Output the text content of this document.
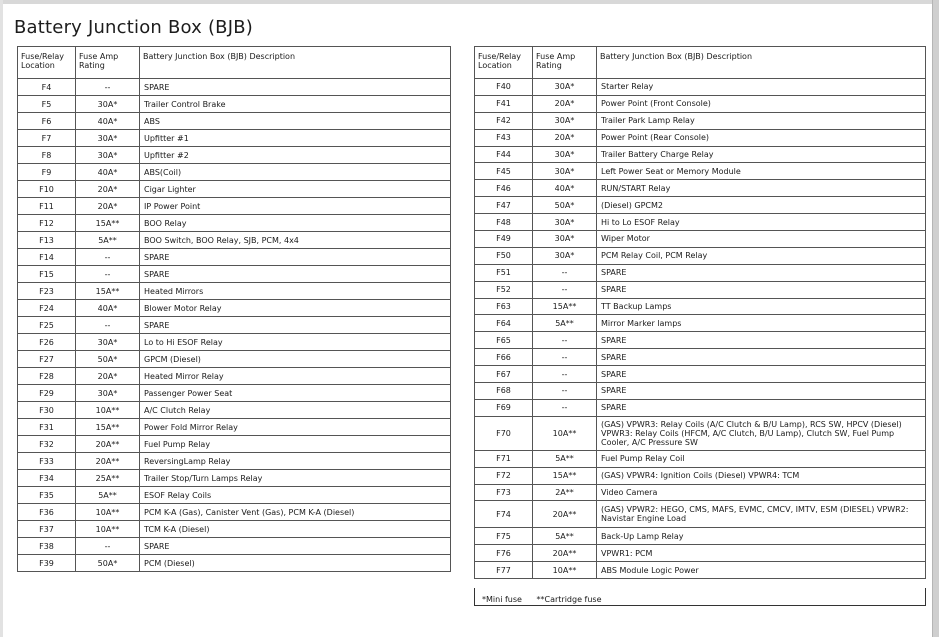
Battery Junction Box (BJB)
Fuse/Relay Location	Fuse Amp Rating	Battery Junction Box (BJB) Description
F4	--	SPARE
F5	30A*	Trailer Control Brake
F6	40A*	ABS
F7	30A*	Upfitter #1
F8	30A*	Upfitter #2
F9	40A*	ABS(Coil)
F10	20A*	Cigar Lighter
F11	20A*	IP Power Point
F12	15A**	BOO Relay
F13	5A**	BOO Switch, BOO Relay, SJB, PCM, 4x4
F14	--	SPARE
F15	--	SPARE
F23	15A**	Heated Mirrors
F24	40A*	Blower Motor Relay
F25	--	SPARE
F26	30A*	Lo to Hi ESOF Relay
F27	50A*	GPCM (Diesel)
F28	20A*	Heated Mirror Relay
F29	30A*	Passenger Power Seat
F30	10A**	A/C Clutch Relay
F31	15A**	Power Fold Mirror Relay
F32	20A**	Fuel Pump Relay
F33	20A**	ReversingLamp Relay
F34	25A**	Trailer Stop/Turn Lamps Relay
F35	5A**	ESOF Relay Coils
F36	10A**	PCM K-A (Gas), Canister Vent (Gas), PCM K-A (Diesel)
F37	10A**	TCM K-A (Diesel)
F38	--	SPARE
F39	50A*	PCM (Diesel)
Fuse/Relay Location	Fuse Amp Rating	Battery Junction Box (BJB) Description
F40	30A*	Starter Relay
F41	20A*	Power Point (Front Console)
F42	30A*	Trailer Park Lamp Relay
F43	20A*	Power Point (Rear Console)
F44	30A*	Trailer Battery Charge Relay
F45	30A*	Left Power Seat or Memory Module
F46	40A*	RUN/START Relay
F47	50A*	(Diesel) GPCM2
F48	30A*	Hi to Lo ESOF Relay
F49	30A*	Wiper Motor
F50	30A*	PCM Relay Coil, PCM Relay
F51	--	SPARE
F52	--	SPARE
F63	15A**	TT Backup Lamps
F64	5A**	Mirror Marker lamps
F65	--	SPARE
F66	--	SPARE
F67	--	SPARE
F68	--	SPARE
F69	--	SPARE
F70	10A**	(GAS) VPWR3: Relay Coils (A/C Clutch & B/U Lamp), RCS SW, HPCV (Diesel) VPWR3: Relay Coils (HFCM, A/C Clutch, B/U Lamp), Clutch SW, Fuel Pump Cooler, A/C Pressure SW
F71	5A**	Fuel Pump Relay Coil
F72	15A**	(GAS) VPWR4: Ignition Coils (Diesel) VPWR4: TCM
F73	2A**	Video Camera
F74	20A**	(GAS) VPWR2: HEGO, CMS, MAFS, EVMC, CMCV, IMTV, ESM (DIESEL) VPWR2: Navistar Engine Load
F75	5A**	Back-Up Lamp Relay
F76	20A**	VPWR1: PCM
F77	10A**	ABS Module Logic Power
*Mini fuse **Cartridge fuse
